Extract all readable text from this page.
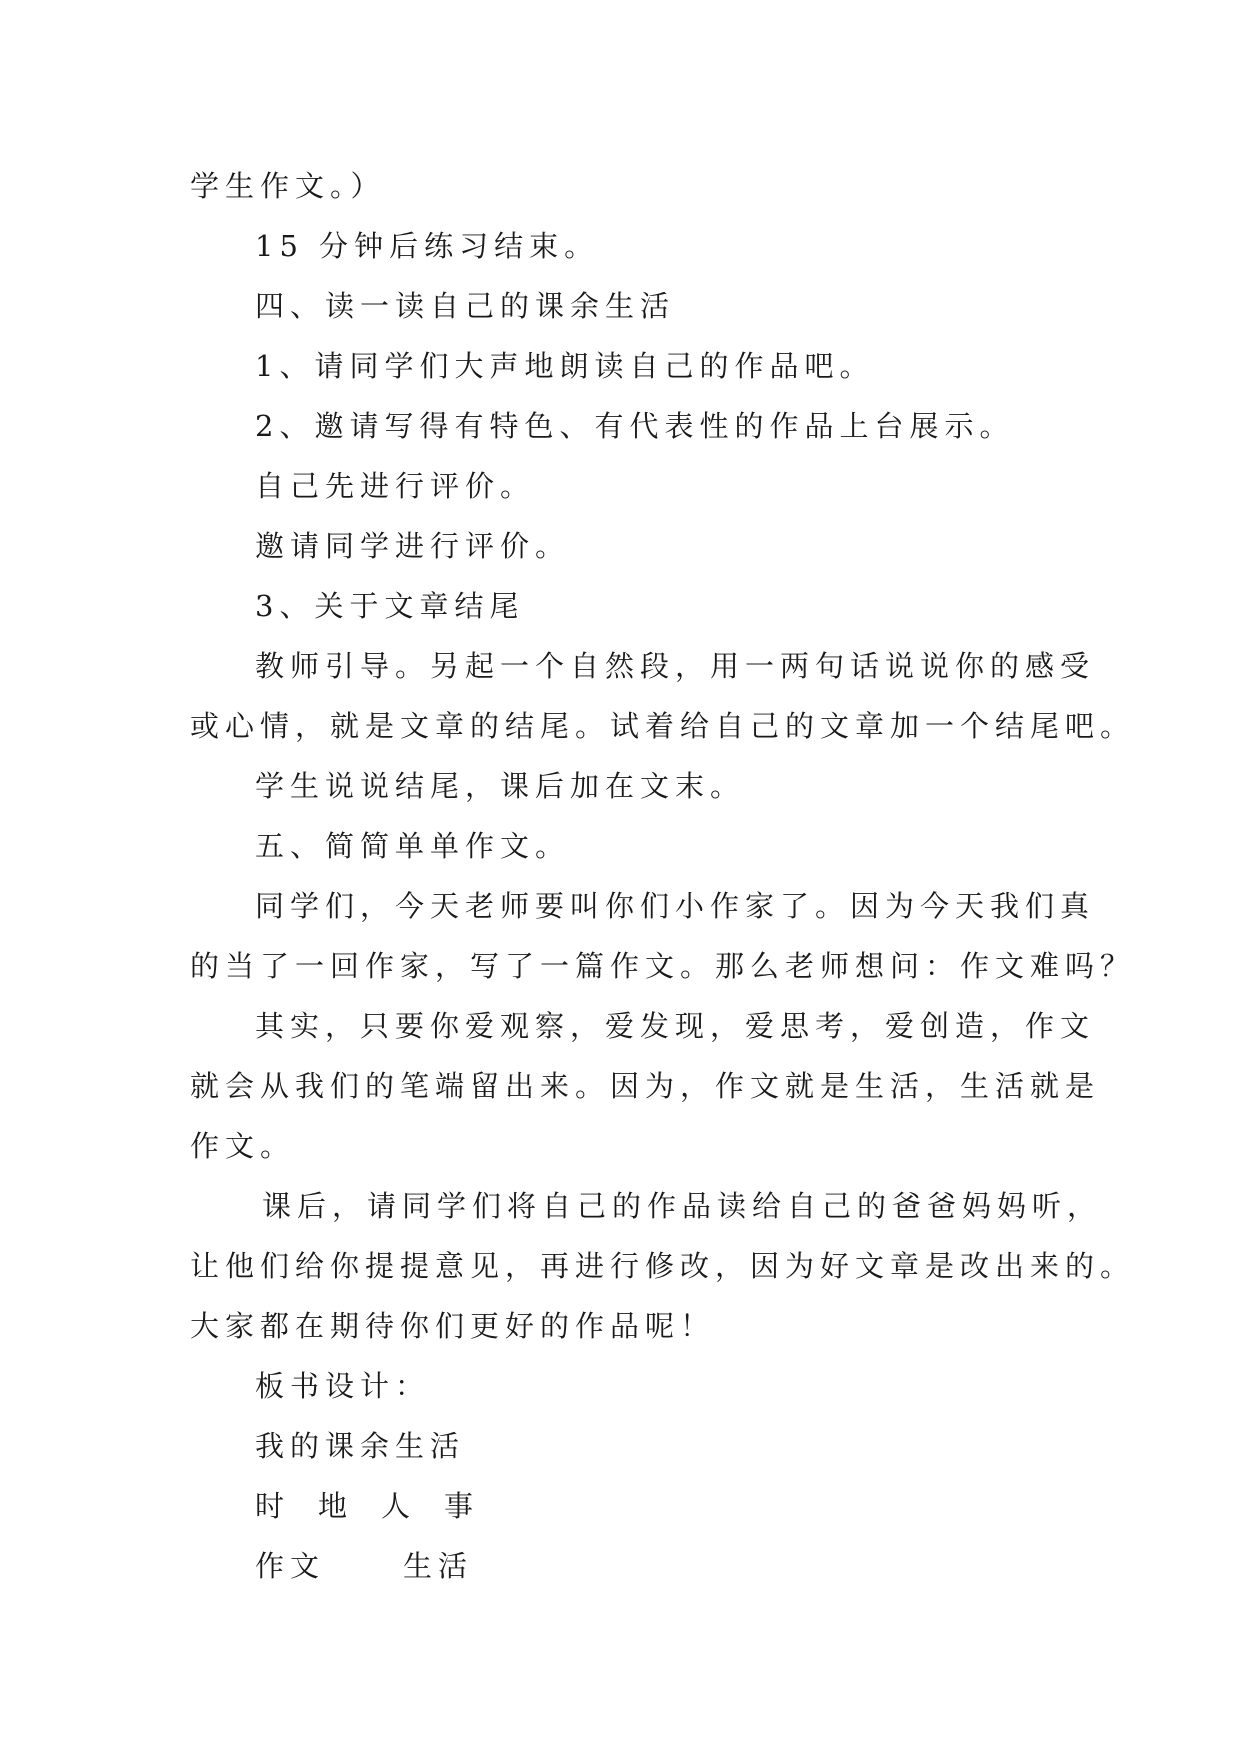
学生作文。）
15 分钟后练习结束。
四、读一读自己的课余生活
1、请同学们大声地朗读自己的作品吧。
2、邀请写得有特色、有代表性的作品上台展示。
自己先进行评价。
邀请同学进行评价。
3、关于文章结尾
教师引导。另起一个自然段，用一两句话说说你的感受
或心情，就是文章的结尾。试着给自己的文章加一个结尾吧。
学生说说结尾，课后加在文末。
五、简简单单作文。
同学们，今天老师要叫你们小作家了。因为今天我们真
的当了一回作家，写了一篇作文。那么老师想问：作文难吗？
其实，只要你爱观察，爱发现，爱思考，爱创造，作文
就会从我们的笔端留出来。因为，作文就是生活，生活就是
作文。
课后，请同学们将自己的作品读给自己的爸爸妈妈听，
让他们给你提提意见，再进行修改，因为好文章是改出来的。
大家都在期待你们更好的作品呢！
板书设计：
我的课余生活
时 地 人 事
作文	生活
